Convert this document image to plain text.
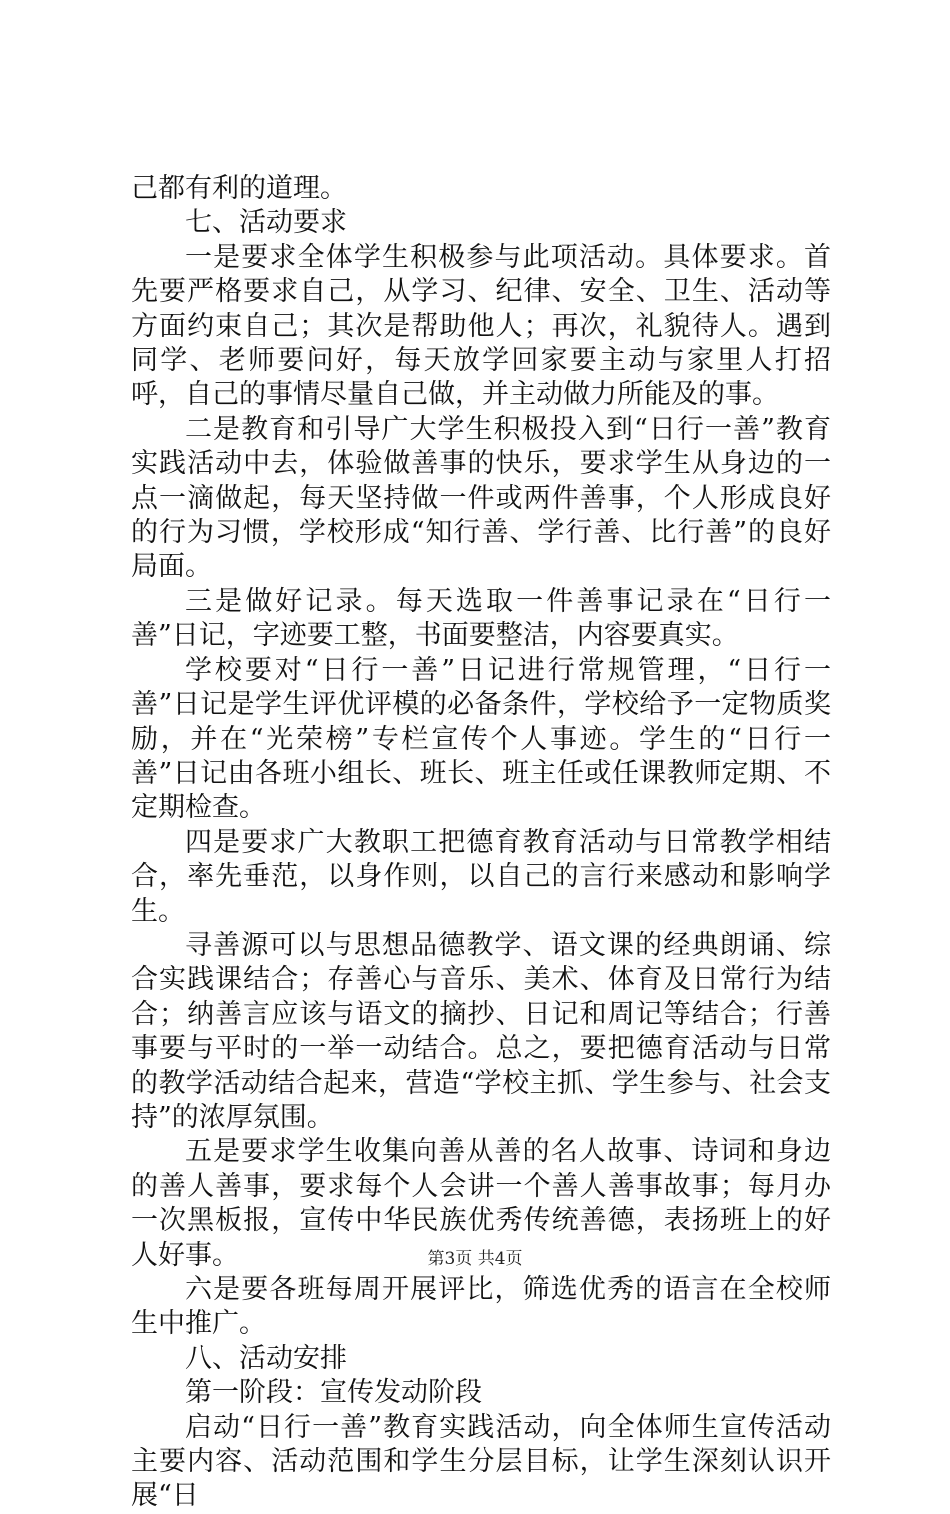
己都有利的道理。

七、活动要求

一是要求全体学生积极参与此项活动。具体要求。首先要严格要求自己，从学习、纪律、安全、卫生、活动等方面约束自己；其次是帮助他人；再次，礼貌待人。遇到同学、老师要问好，每天放学回家要主动与家里人打招呼，自己的事情尽量自己做，并主动做力所能及的事。

二是教育和引导广大学生积极投入到“日行一善”教育实践活动中去，体验做善事的快乐，要求学生从身边的一点一滴做起，每天坚持做一件或两件善事，个人形成良好的行为习惯，学校形成“知行善、学行善、比行善”的良好局面。

三是做好记录。每天选取一件善事记录在“日行一善”日记，字迹要工整，书面要整洁，内容要真实。

学校要对“日行一善”日记进行常规管理，“日行一善”日记是学生评优评模的必备条件，学校给予一定物质奖励，并在“光荣榜”专栏宣传个人事迹。学生的“日行一善”日记由各班小组长、班长、班主任或任课教师定期、不定期检查。

四是要求广大教职工把德育教育活动与日常教学相结合，率先垂范，以身作则，以自己的言行来感动和影响学生。

寻善源可以与思想品德教学、语文课的经典朗诵、综合实践课结合；存善心与音乐、美术、体育及日常行为结合；纳善言应该与语文的摘抄、日记和周记等结合；行善事要与平时的一举一动结合。总之，要把德育活动与日常的教学活动结合起来，营造“学校主抓、学生参与、社会支持”的浓厚氛围。

五是要求学生收集向善从善的名人故事、诗词和身边的善人善事，要求每个人会讲一个善人善事故事；每月办一次黑板报，宣传中华民族优秀传统善德，表扬班上的好人好事。

六是要各班每周开展评比，筛选优秀的语言在全校师生中推广。

八、活动安排

第一阶段：宣传发动阶段

启动“日行一善”教育实践活动，向全体师生宣传活动主要内容、活动范围和学生分层目标，让学生深刻认识开展“日

第3页 共4页
